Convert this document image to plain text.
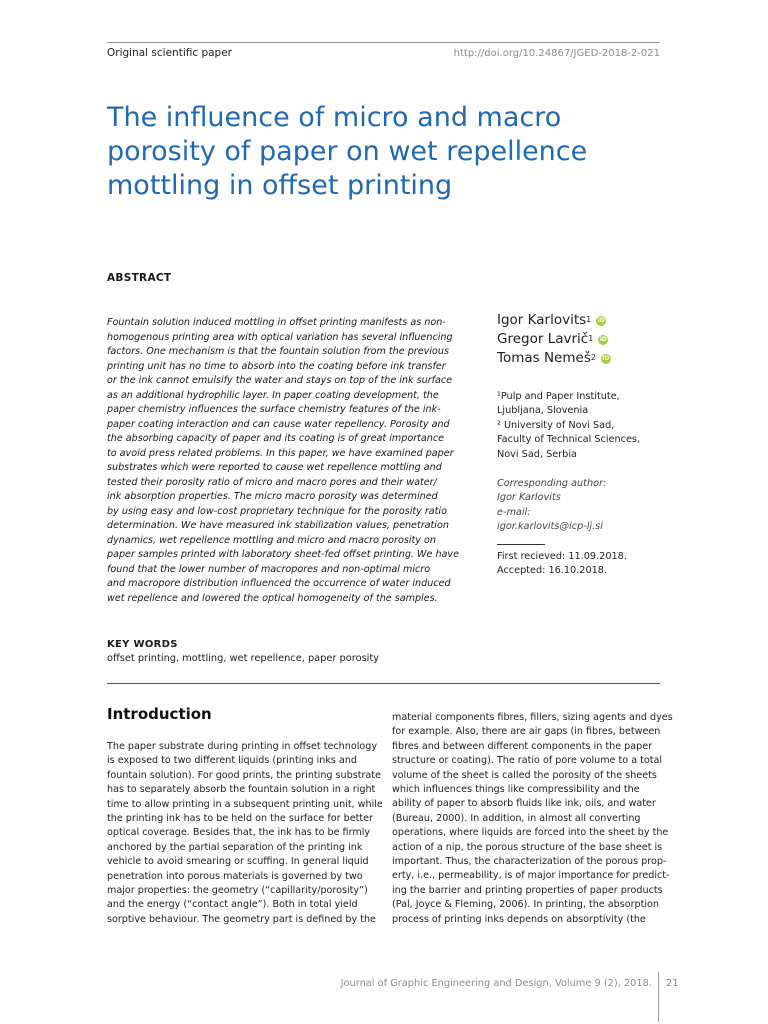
Original scientific paper	http://doi.org/10.24867/JGED-2018-2-021
The influence of micro and macro
porosity of paper on wet repellence
mottling in offset printing
ABSTRACT

Fountain solution induced mottling in offset printing manifests as non-

homogenous printing area with optical variation has several influencing

factors. One mechanism is that the fountain solution from the previous

printing unit has no time to absorb into the coating before ink transfer

or the ink cannot emulsify the water and stays on top of the ink surface

as an additional hydrophilic layer. In paper coating development, the

paper chemistry influences the surface chemistry features of the ink-

paper coating interaction and can cause water repellency. Porosity and

the absorbing capacity of paper and its coating is of great importance

to avoid press related problems. In this paper, we have examined paper

substrates which were reported to cause wet repellence mottling and

tested their porosity ratio of micro and macro pores and their water/

ink absorption properties. The micro macro porosity was determined

by using easy and low-cost proprietary technique for the porosity ratio

determination. We have measured ink stabilization values, penetration

dynamics, wet repellence mottling and micro and macro porosity on

paper samples printed with laboratory sheet-fed offset printing. We have

found that the lower number of macropores and non-optimal micro

and macropore distribution influenced the occurrence of water induced

wet repellence and lowered the optical homogeneity of the samples.

Igor Karlovits$^1$ iD
Gregor Lavrič$^1$ iD
Tomas Nemeš$^2$ iD
¹Pulp and Paper Institute,
Ljubljana, Slovenia
² University of Novi Sad,
Faculty of Technical Sciences,
Novi Sad, Serbia
Corresponding author:
Igor Karlovits
e-mail:
igor.karlovits@icp-lj.si
First recieved: 11.09.2018.
Accepted: 16.10.2018.
KEY WORDS
offset printing, mottling, wet repellence, paper porosity
Introduction

The paper substrate during printing in offset technology

is exposed to two different liquids (printing inks and

fountain solution). For good prints, the printing substrate

has to separately absorb the fountain solution in a right

time to allow printing in a subsequent printing unit, while

the printing ink has to be held on the surface for better

optical coverage. Besides that, the ink has to be firmly

anchored by the partial separation of the printing ink

vehicle to avoid smearing or scuffing. In general liquid

penetration into porous materials is governed by two

major properties: the geometry (“capillarity/porosity”)

and the energy (“contact angle”). Both in total yield

sorptive behaviour. The geometry part is defined by the

material components fibres, fillers, sizing agents and dyes

for example. Also, there are air gaps (in fibres, between

fibres and between different components in the paper

structure or coating). The ratio of pore volume to a total

volume of the sheet is called the porosity of the sheets

which influences things like compressibility and the

ability of paper to absorb fluids like ink, oils, and water

(Bureau, 2000). In addition, in almost all converting

operations, where liquids are forced into the sheet by the

action of a nip, the porous structure of the base sheet is

important. Thus, the characterization of the porous prop-

erty, i.e., permeability, is of major importance for predict-

ing the barrier and printing properties of paper products

(Pal, Joyce & Fleming, 2006). In printing, the absorption

process of printing inks depends on absorptivity (the

Journal of Graphic Engineering and Design, Volume 9 (2), 2018. 21
